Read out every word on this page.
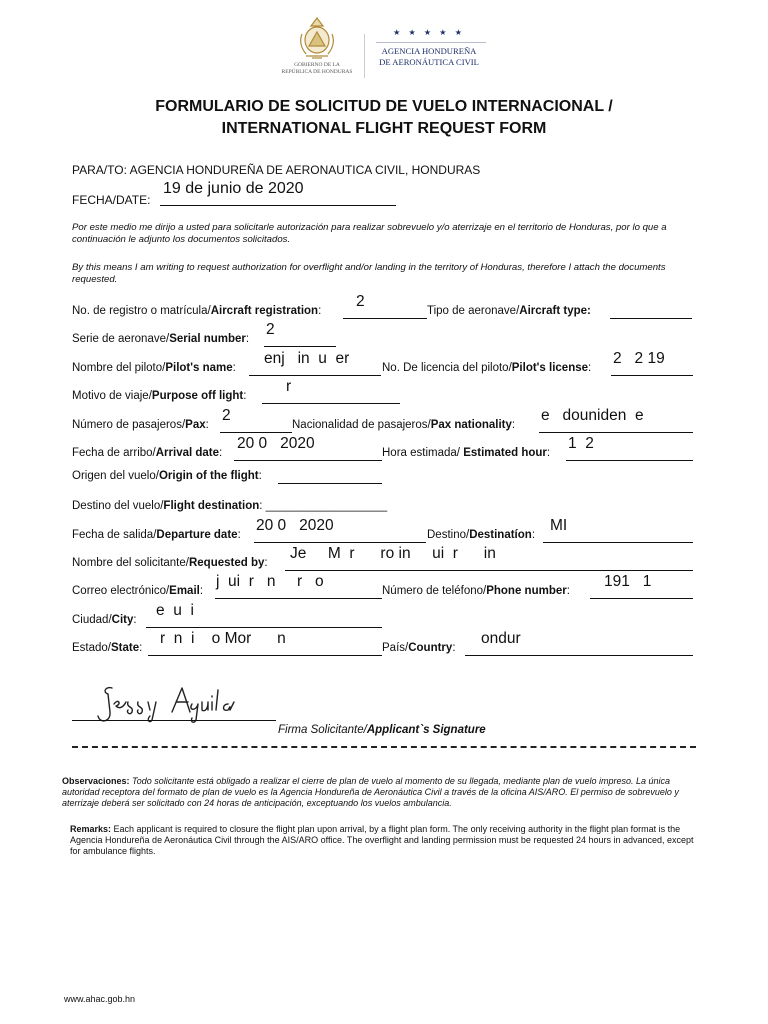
GOBIERNO DE LA
REPÚBLICA DE HONDURAS
★ ★ ★ ★ ★
AGENCIA HONDUREÑA
DE AERONÁUTICA CIVIL
FORMULARIO DE SOLICITUD DE VUELO INTERNACIONAL /
INTERNATIONAL FLIGHT REQUEST FORM
PARA/TO: AGENCIA HONDUREÑA DE AERONAUTICA CIVIL, HONDURAS
FECHA/DATE:
19 de junio de 2020
Por este medio me dirijo a usted para solicitarle autorización para realizar sobrevuelo y/o aterrizaje en el territorio de Honduras, por lo que a continuación le adjunto los documentos solicitados.
By this means I am writing to request authorization for overflight and/or landing in the territory of Honduras, therefore I attach the documents requested.
No. de registro o matrícula/Aircraft registration:
2
Tipo de aeronave/Aircraft type:
Serie de aeronave/Serial number:
2
Nombre del piloto/Pilot's name:
enj   in  u  er
No. De licencia del piloto/Pilot's license:
2   2 19
Motivo de viaje/Purpose off light:
r
Número de pasajeros/Pax:
2
Nacionalidad de pasajeros/Pax nationality:
e   douniden  e
Fecha de arribo/Arrival date:
20 0   2020
Hora estimada/ Estimated hour:
1  2
Origen del vuelo/Origin of the flight:
Destino del vuelo/Flight destination: ___________________
Fecha de salida/Departure date:
20 0   2020
Destino/Destinatíon:
MI
Nombre del solicitante/Requested by:
Je     M  r      ro in     ui  r      in
Correo electrónico/Email:
j  ui  r   n     r   o
Número de teléfono/Phone number:
191   1
Ciudad/City:
e  u  i
Estado/State:
r  n  i    o Mor      n
País/Country:
ondur
Firma Solicitante/Applicant`s Signature
Observaciones: Todo solicitante está obligado a realizar el cierre de plan de vuelo al momento de su llegada, mediante plan de vuelo impreso. La única autoridad receptora del formato de plan de vuelo es la Agencia Hondureña de Aeronáutica Civil a través de la oficina AIS/ARO. El permiso de sobrevuelo y aterrizaje deberá ser solicitado con 24 horas de anticipación, exceptuando los vuelos ambulancia.
Remarks: Each applicant is required to closure the flight plan upon arrival, by a flight plan form. The only receiving authority in the flight plan format is the Agencia Hondureña de Aeronáutica Civil through the AIS/ARO office. The overflight and landing permission must be requested 24 hours in advanced, except for ambulance flights.
www.ahac.gob.hn
